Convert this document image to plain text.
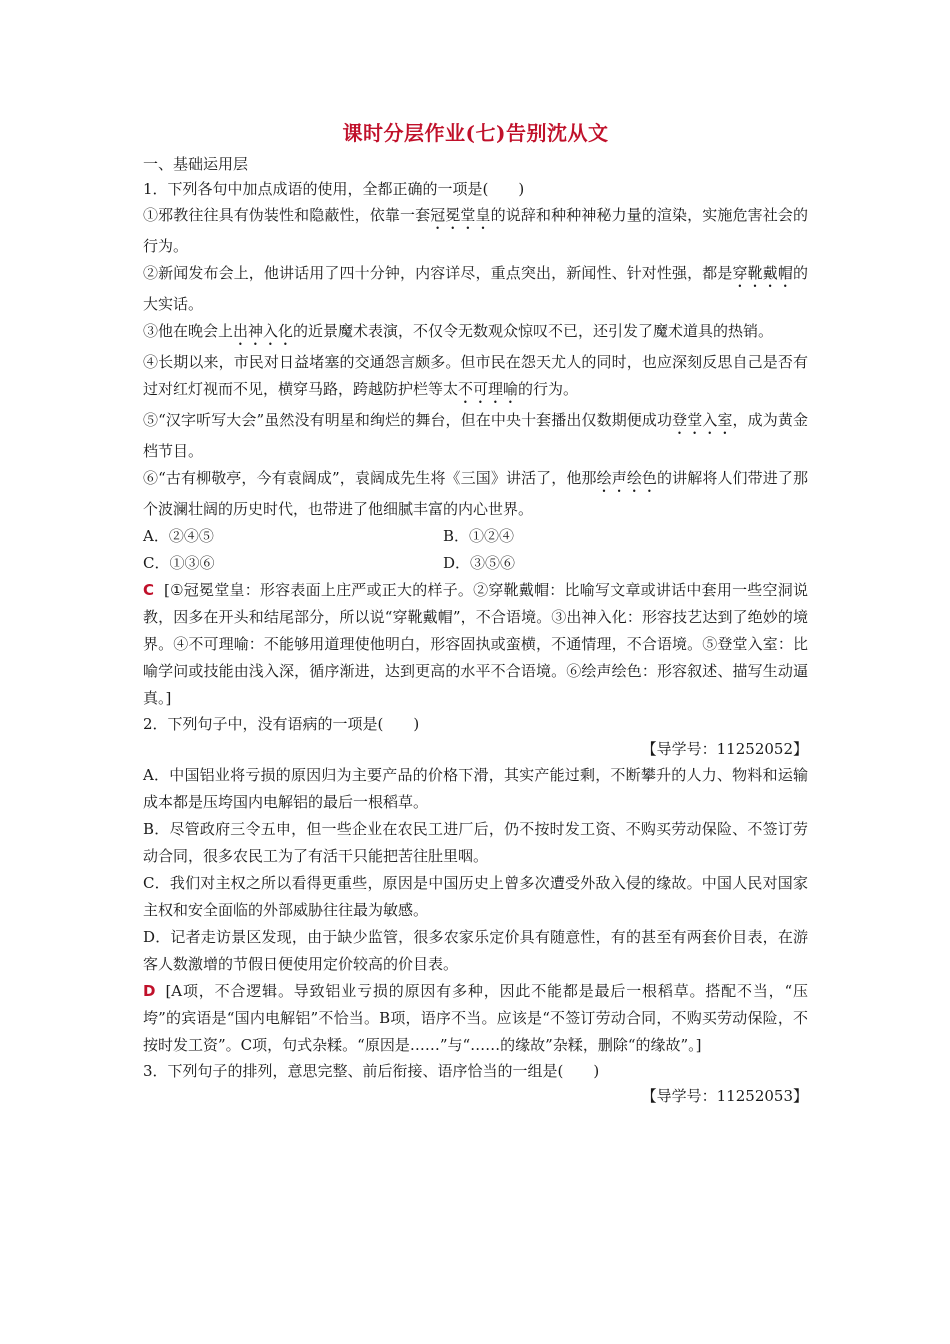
课时分层作业(七)告别沈从文

一、基础运用层

1．下列各句中加点成语的使用，全都正确的一项是(　　)

①邪教往往具有伪装性和隐蔽性，依靠一套冠冕堂皇的说辞和种种神秘力量的渲染，实施危害社会的行为。

②新闻发布会上，他讲话用了四十分钟，内容详尽，重点突出，新闻性、针对性强，都是穿靴戴帽的大实话。

③他在晚会上出神入化的近景魔术表演，不仅令无数观众惊叹不已，还引发了魔术道具的热销。

④长期以来，市民对日益堵塞的交通怨言颇多。但市民在怨天尤人的同时，也应深刻反思自己是否有过对红灯视而不见，横穿马路，跨越防护栏等太不可理喻的行为。

⑤“汉字听写大会”虽然没有明星和绚烂的舞台，但在中央十套播出仅数期便成功登堂入室，成为黄金档节目。

⑥“古有柳敬亭，今有袁阔成”，袁阔成先生将《三国》讲活了，他那绘声绘色的讲解将人们带进了那个波澜壮阔的历史时代，也带进了他细腻丰富的内心世界。

A．②④⑤	B．①②④
C．①③⑥	D．③⑤⑥

C [①冠冕堂皇：形容表面上庄严或正大的样子。②穿靴戴帽：比喻写文章或讲话中套用一些空洞说教，因多在开头和结尾部分，所以说“穿靴戴帽”，不合语境。③出神入化：形容技艺达到了绝妙的境界。④不可理喻：不能够用道理使他明白，形容固执或蛮横，不通情理，不合语境。⑤登堂入室：比喻学问或技能由浅入深，循序渐进，达到更高的水平不合语境。⑥绘声绘色：形容叙述、描写生动逼真。]

2．下列句子中，没有语病的一项是(　　)

【导学号：11252052】

A．中国铝业将亏损的原因归为主要产品的价格下滑，其实产能过剩，不断攀升的人力、物料和运输成本都是压垮国内电解铝的最后一根稻草。

B．尽管政府三令五申，但一些企业在农民工进厂后，仍不按时发工资、不购买劳动保险、不签订劳动合同，很多农民工为了有活干只能把苦往肚里咽。

C．我们对主权之所以看得更重些，原因是中国历史上曾多次遭受外敌入侵的缘故。中国人民对国家主权和安全面临的外部威胁往往最为敏感。

D．记者走访景区发现，由于缺少监管，很多农家乐定价具有随意性，有的甚至有两套价目表，在游客人数激增的节假日便使用定价较高的价目表。

D [A项，不合逻辑。导致铝业亏损的原因有多种，因此不能都是最后一根稻草。搭配不当，“压垮”的宾语是“国内电解铝”不恰当。B项，语序不当。应该是“不签订劳动合同，不购买劳动保险，不按时发工资”。C项，句式杂糅。“原因是……”与“……的缘故”杂糅，删除“的缘故”。]

3．下列句子的排列，意思完整、前后衔接、语序恰当的一组是(　　)

【导学号：11252053】
